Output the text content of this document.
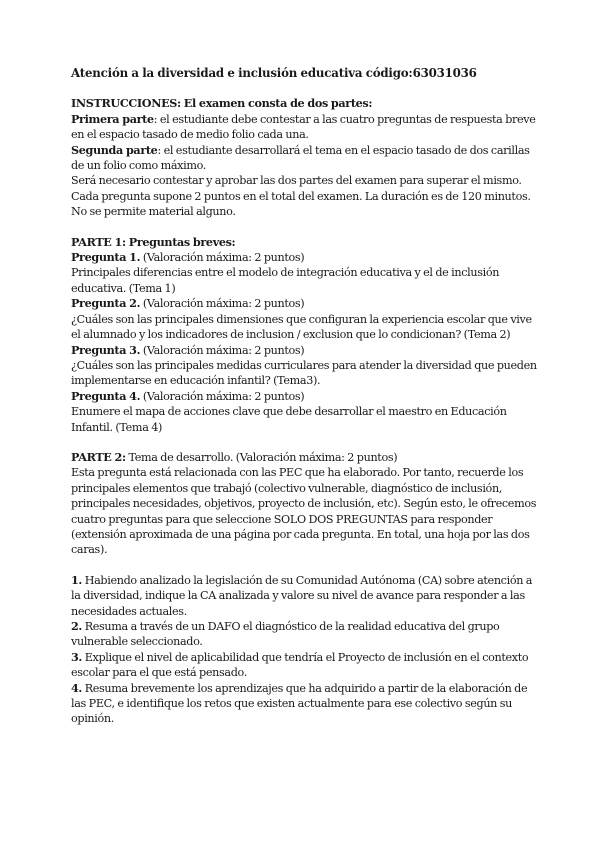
Atención a la diversidad e inclusión educativa código:63031036

INSTRUCCIONES: El examen consta de dos partes:

Primera parte: el estudiante debe contestar a las cuatro preguntas de respuesta breve en el espacio tasado de medio folio cada una.

Segunda parte: el estudiante desarrollará el tema en el espacio tasado de dos carillas de un folio como máximo.

Será necesario contestar y aprobar las dos partes del examen para superar el mismo. Cada pregunta supone 2 puntos en el total del examen. La duración es de 120 minutos. No se permite material alguno.

PARTE 1: Preguntas breves:

Pregunta 1. (Valoración máxima: 2 puntos)

Principales diferencias entre el modelo de integración educativa y el de inclusión educativa. (Tema 1)

Pregunta 2. (Valoración máxima: 2 puntos)

¿Cuáles son las principales dimensiones que configuran la experiencia escolar que vive el alumnado y los indicadores de inclusion / exclusion que lo condicionan? (Tema 2)

Pregunta 3. (Valoración máxima: 2 puntos)

¿Cuáles son las principales medidas curriculares para atender la diversidad que pueden implementarse en educación infantil? (Tema3).

Pregunta 4. (Valoración máxima: 2 puntos)

Enumere el mapa de acciones clave que debe desarrollar el maestro en Educación Infantil. (Tema 4)

PARTE 2: Tema de desarrollo. (Valoración máxima: 2 puntos)

Esta pregunta está relacionada con las PEC que ha elaborado. Por tanto, recuerde los principales elementos que trabajó (colectivo vulnerable, diagnóstico de inclusión, principales necesidades, objetivos, proyecto de inclusión, etc). Según esto, le ofrecemos cuatro preguntas para que seleccione SOLO DOS PREGUNTAS para responder (extensión aproximada de una página por cada pregunta. En total, una hoja por las dos caras).

1. Habiendo analizado la legislación de su Comunidad Autónoma (CA) sobre atención a la diversidad, indique la CA analizada y valore su nivel de avance para responder a las necesidades actuales.

2. Resuma a través de un DAFO el diagnóstico de la realidad educativa del grupo vulnerable seleccionado.

3. Explique el nivel de aplicabilidad que tendría el Proyecto de inclusión en el contexto escolar para el que está pensado.

4. Resuma brevemente los aprendizajes que ha adquirido a partir de la elaboración de las PEC, e identifique los retos que existen actualmente para ese colectivo según su opinión.
